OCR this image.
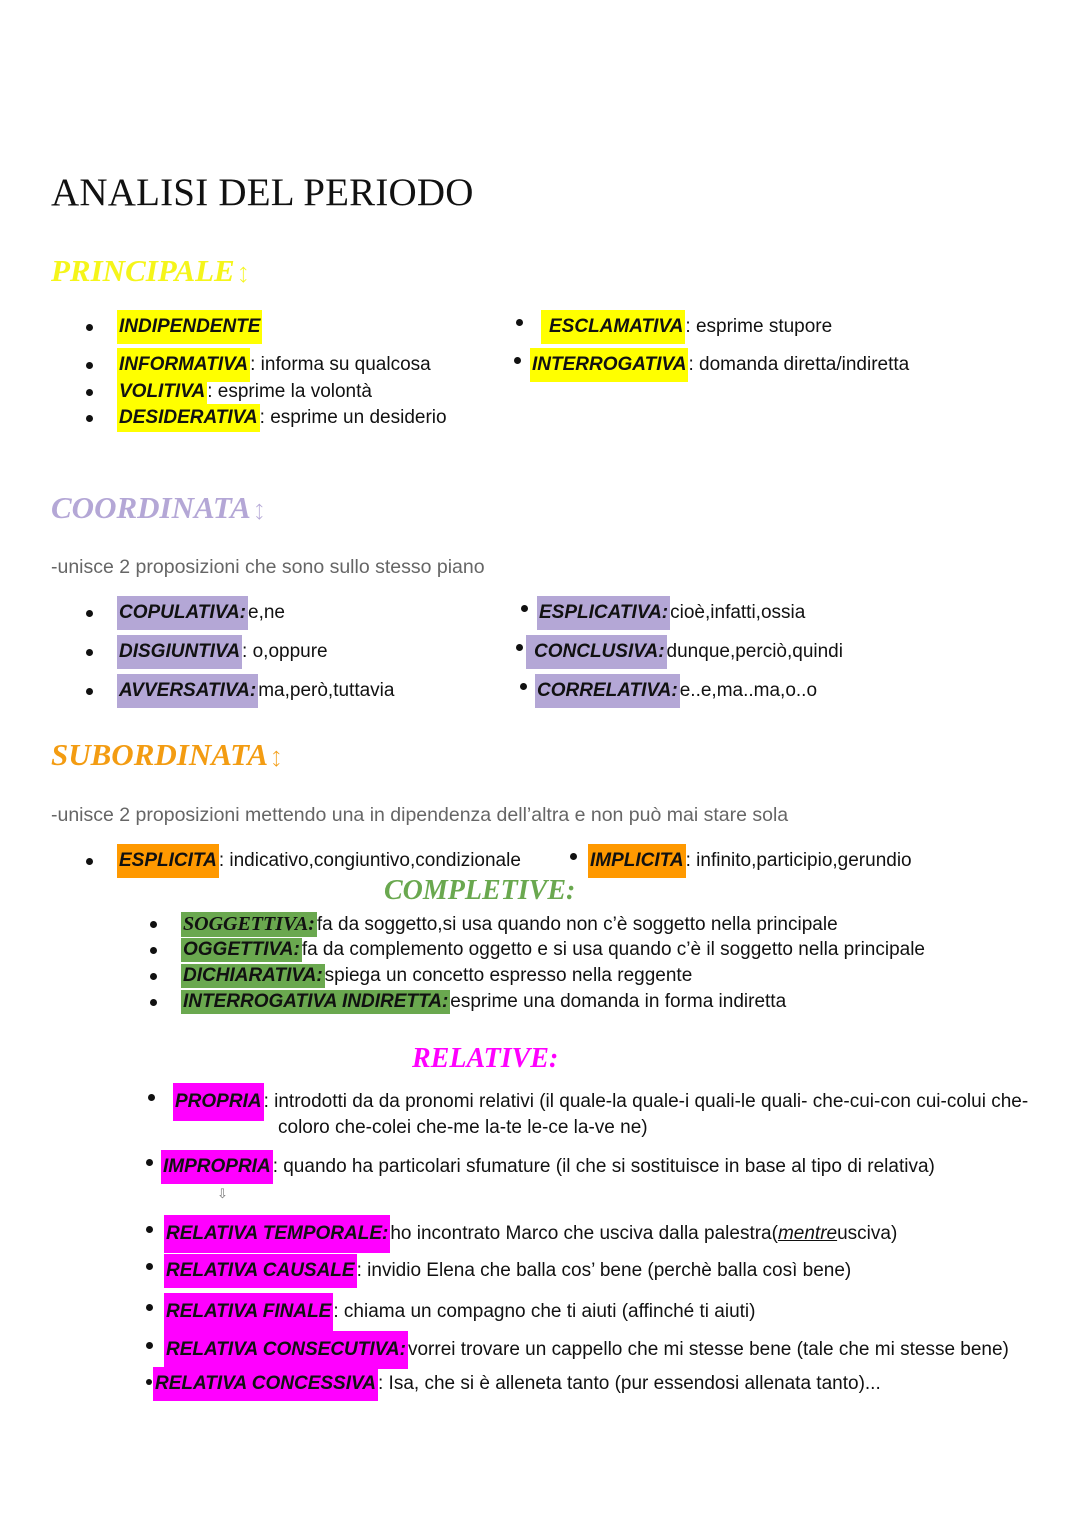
ANALISI DEL PERIODO
PRINCIPALE⤢
INDIPENDENTE
INFORMATIVA : informa su qualcosa
VOLITIVA : esprime la volontà
DESIDERATIVA : esprime un desiderio
ESCLAMATIVA : esprime stupore
INTERROGATIVA : domanda diretta/indiretta
COORDINATA⤢
-unisce 2 proposizioni che sono sullo stesso piano
COPULATIVA: e,ne
DISGIUNTIVA : o,oppure
AVVERSATIVA: ma,però,tuttavia
ESPLICATIVA: cioè,infatti,ossia
CONCLUSIVA: dunque,perciò,quindi
CORRELATIVA: e..e,ma..ma,o..o
SUBORDINATA⤢
-unisce 2 proposizioni mettendo una in dipendenza dell’altra e non può mai stare sola
ESPLICITA : indicativo,congiuntivo,condizionale	IMPLICITA : infinito,participio,gerundio
COMPLETIVE:
SOGGETTIVA: fa da soggetto,si usa quando non c’è soggetto nella principale
OGGETTIVA: fa da complemento oggetto e si usa quando c’è il soggetto nella principale
DICHIARATIVA: spiega un concetto espresso nella reggente
INTERROGATIVA INDIRETTA: esprime una domanda in forma indiretta
RELATIVE:
PROPRIA : introdotti da da pronomi relativi (il quale-la quale-i quali-le quali- che-cui-con cui-colui che-
coloro che-colei che-me la-te le-ce la-ve ne)
IMPROPRIA : quando ha particolari sfumature (il che si sostituisce in base al tipo di relativa)
⇩
RELATIVA TEMPORALE: ho incontrato Marco che usciva dalla palestra( mentre usciva)
RELATIVA CAUSALE : invidio Elena che balla cos’ bene (perchè balla così bene)
RELATIVA FINALE : chiama un compagno che ti aiuti (affinché ti aiuti)
RELATIVA CONSECUTIVA: vorrei trovare un cappello che mi stesse bene (tale che mi stesse bene)
RELATIVA CONCESSIVA : Isa, che si è alleneta tanto (pur essendosi allenata tanto)...
